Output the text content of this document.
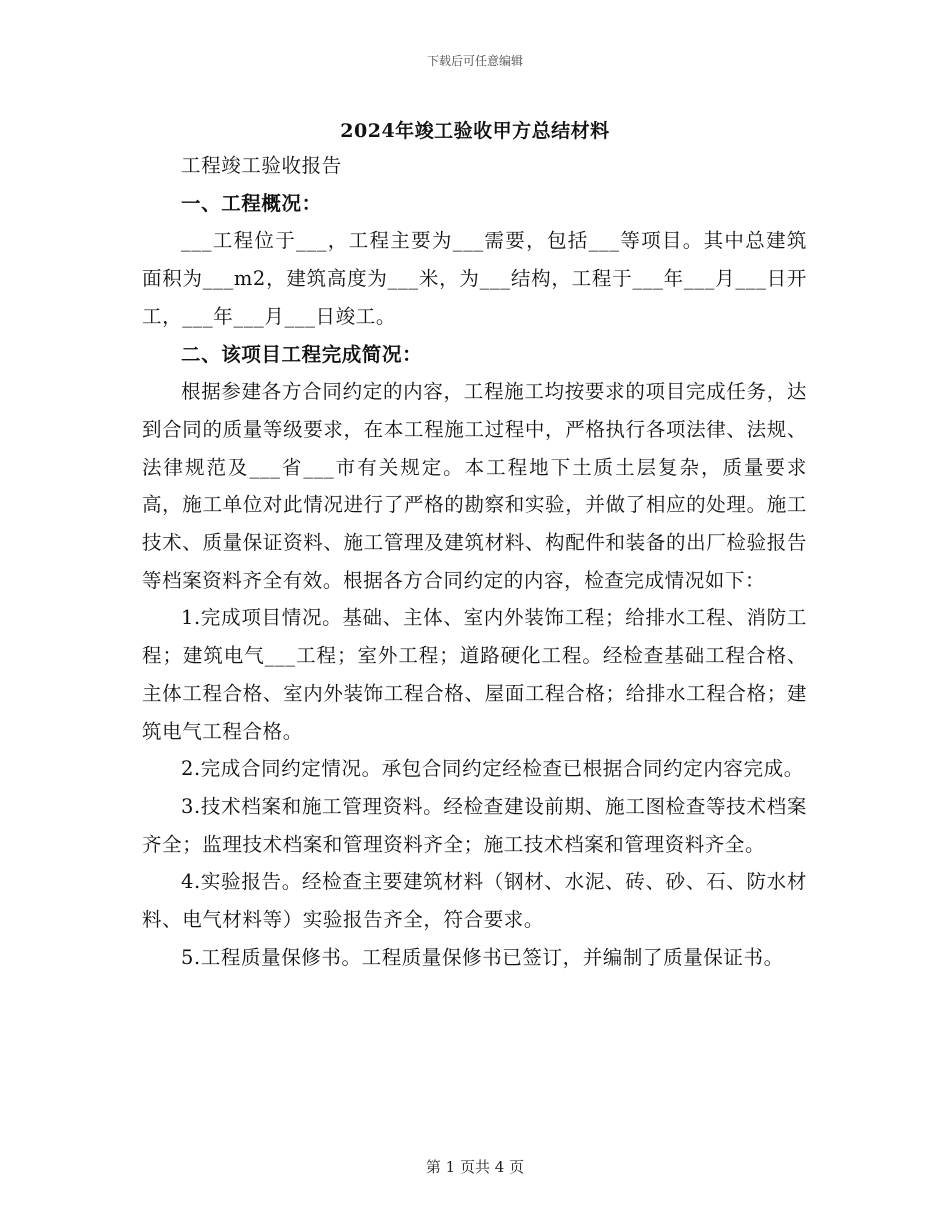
下载后可任意编辑
2024年竣工验收甲方总结材料

工程竣工验收报告

一、工程概况：

___工程位于___，工程主要为___需要，包括___等项目。其中总建筑面积为___m2，建筑高度为___米，为___结构，工程于___年___月___日开工，___年___月___日竣工。

二、该项目工程完成简况：

根据参建各方合同约定的内容，工程施工均按要求的项目完成任务，达到合同的质量等级要求，在本工程施工过程中，严格执行各项法律、法规、法律规范及___省___市有关规定。本工程地下土质土层复杂，质量要求高，施工单位对此情况进行了严格的勘察和实验，并做了相应的处理。施工技术、质量保证资料、施工管理及建筑材料、构配件和装备的出厂检验报告等档案资料齐全有效。根据各方合同约定的内容，检查完成情况如下：

1.完成项目情况。基础、主体、室内外装饰工程；给排水工程、消防工程；建筑电气___工程；室外工程；道路硬化工程。经检查基础工程合格、主体工程合格、室内外装饰工程合格、屋面工程合格；给排水工程合格；建筑电气工程合格。

2.完成合同约定情况。承包合同约定经检查已根据合同约定内容完成。

3.技术档案和施工管理资料。经检查建设前期、施工图检查等技术档案齐全；监理技术档案和管理资料齐全；施工技术档案和管理资料齐全。

4.实验报告。经检查主要建筑材料（钢材、水泥、砖、砂、石、防水材料、电气材料等）实验报告齐全，符合要求。

5.工程质量保修书。工程质量保修书已签订，并编制了质量保证书。

第 1 页共 4 页
